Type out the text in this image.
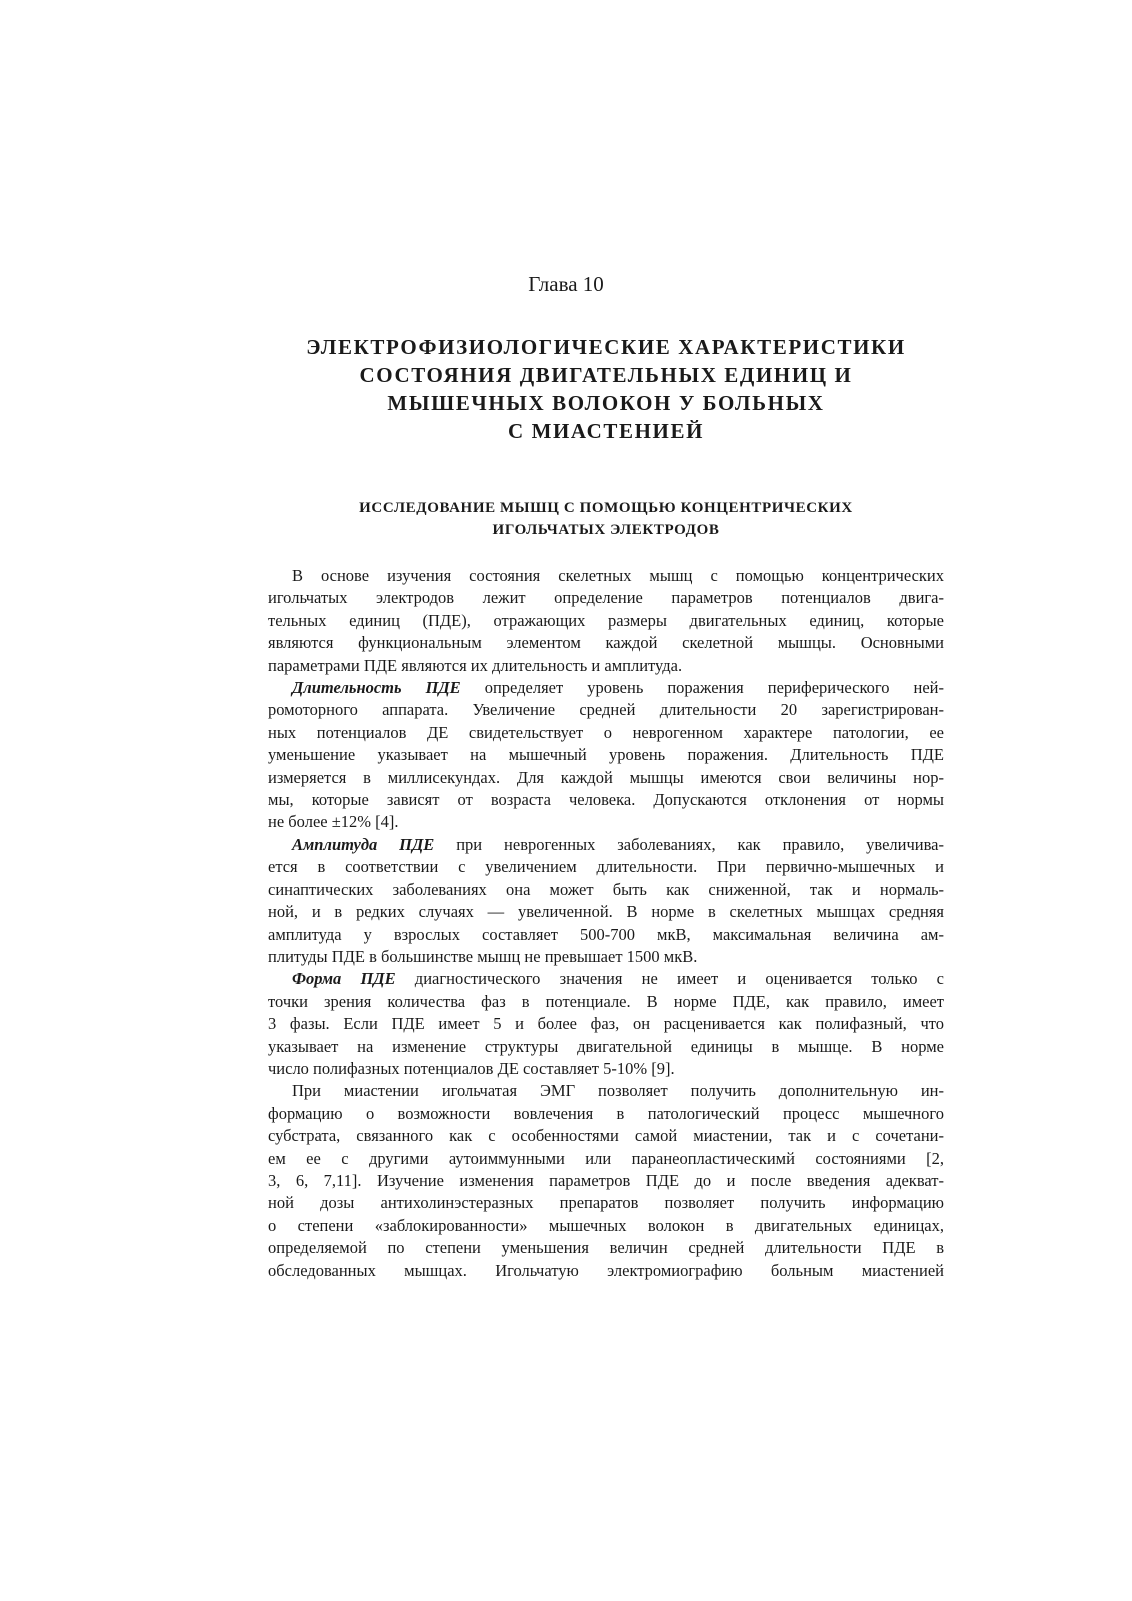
Глава 10
ЭЛЕКТРОФИЗИОЛОГИЧЕСКИЕ ХАРАКТЕРИСТИКИ
СОСТОЯНИЯ ДВИГАТЕЛЬНЫХ ЕДИНИЦ И
МЫШЕЧНЫХ ВОЛОКОН У БОЛЬНЫХ
С МИАСТЕНИЕЙ
ИССЛЕДОВАНИЕ МЫШЦ С ПОМОЩЬЮ КОНЦЕНТРИЧЕСКИХ
ИГОЛЬЧАТЫХ ЭЛЕКТРОДОВ
В основе изучения состояния скелетных мышц с помощью концентрических
игольчатых электродов лежит определение параметров потенциалов двига-
тельных единиц (ПДЕ), отражающих размеры двигательных единиц, которые
являются функциональным элементом каждой скелетной мышцы. Основными
параметрами ПДЕ являются их длительность и амплитуда.
Длительность ПДЕ определяет уровень поражения периферического ней-
ромоторного аппарата. Увеличение средней длительности 20 зарегистрирован-
ных потенциалов ДЕ свидетельствует о неврогенном характере патологии, ее
уменьшение указывает на мышечный уровень поражения. Длительность ПДЕ
измеряется в миллисекундах. Для каждой мышцы имеются свои величины нор-
мы, которые зависят от возраста человека. Допускаются отклонения от нормы
не более ±12% [4].
Амплитуда ПДЕ при неврогенных заболеваниях, как правило, увеличива-
ется в соответствии с увеличением длительности. При первично-мышечных и
синаптических заболеваниях она может быть как сниженной, так и нормаль-
ной, и в редких случаях — увеличенной. В норме в скелетных мышцах средняя
амплитуда у взрослых составляет 500-700 мкВ, максимальная величина ам-
плитуды ПДЕ в большинстве мышц не превышает 1500 мкВ.
Форма ПДЕ диагностического значения не имеет и оценивается только с
точки зрения количества фаз в потенциале. В норме ПДЕ, как правило, имеет
3 фазы. Если ПДЕ имеет 5 и более фаз, он расценивается как полифазный, что
указывает на изменение структуры двигательной единицы в мышце. В норме
число полифазных потенциалов ДЕ составляет 5-10% [9].
При миастении игольчатая ЭМГ позволяет получить дополнительную ин-
формацию о возможности вовлечения в патологический процесс мышечного
субстрата, связанного как с особенностями самой миастении, так и с сочетани-
ем ее с другими аутоиммунными или паранеопластическимй состояниями [2,
3, 6, 7,11]. Изучение изменения параметров ПДЕ до и после введения адекват-
ной дозы антихолинэстеразных препаратов позволяет получить информацию
о степени «заблокированности» мышечных волокон в двигательных единицах,
определяемой по степени уменьшения величин средней длительности ПДЕ в
обследованных мышцах. Игольчатую электромиографию больным миастенией
